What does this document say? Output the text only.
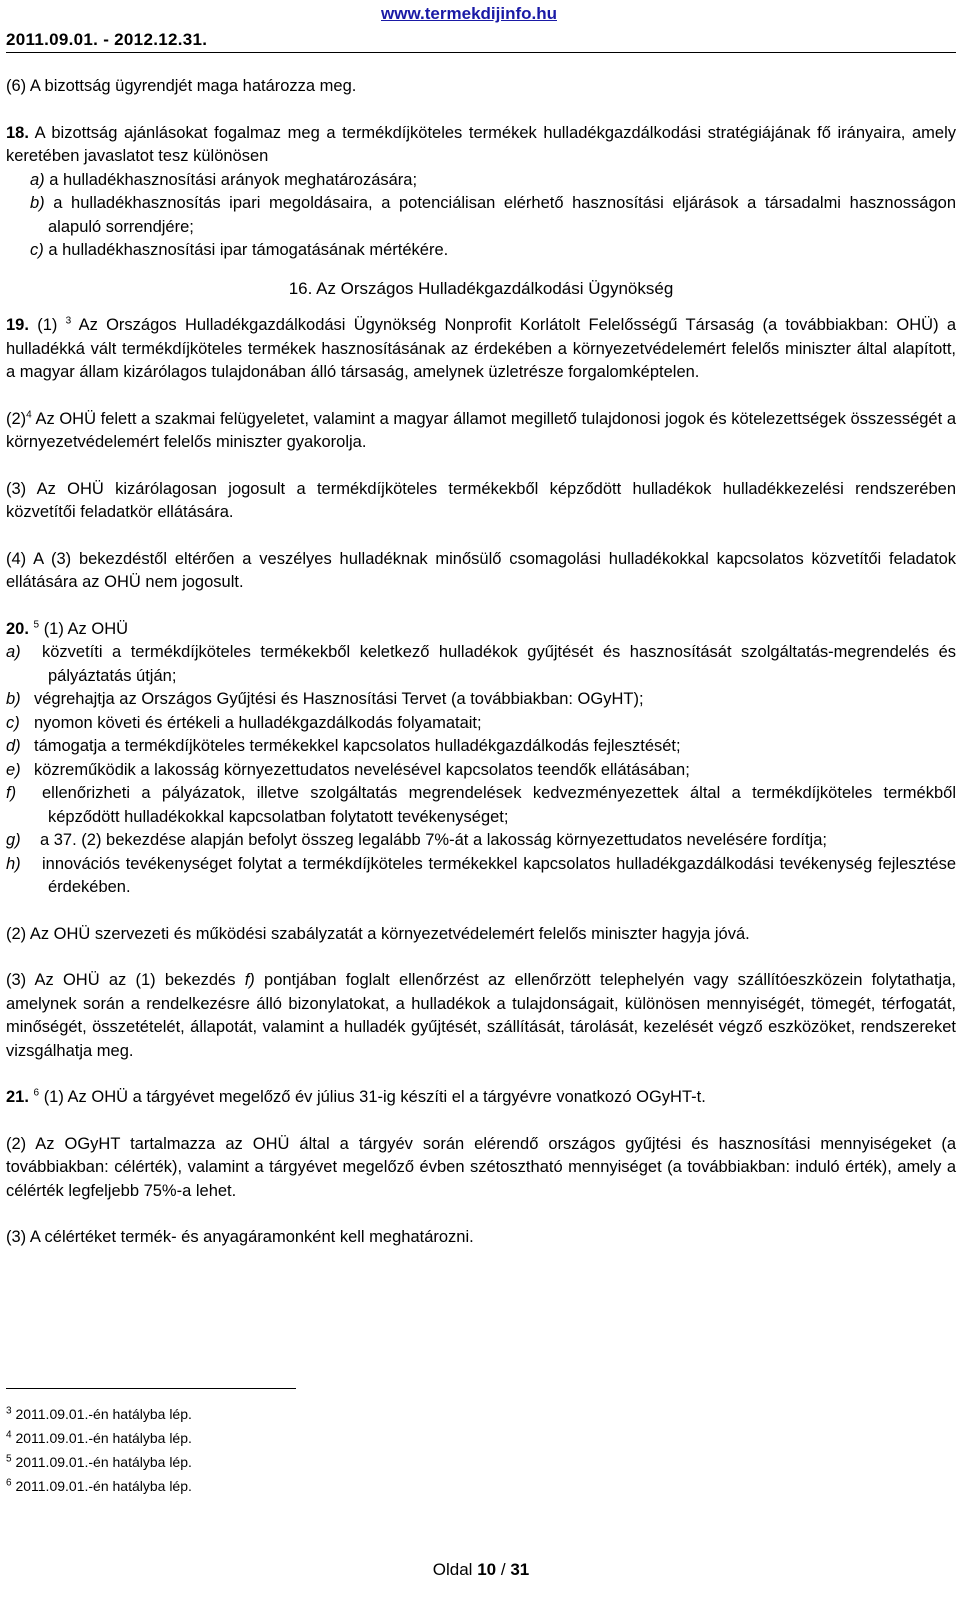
2011.09.01. - 2012.12.31.
www.termekdijinfo.hu

(6) A bizottság ügyrendjét maga határozza meg.

18. A bizottság ajánlásokat fogalmaz meg a termékdíjköteles termékek hulladékgazdálkodási stratégiájának fő irányaira, amely keretében javaslatot tesz különösen

a) a hulladékhasznosítási arányok meghatározására;

b) a hulladékhasznosítás ipari megoldásaira, a potenciálisan elérhető hasznosítási eljárások a társadalmi hasznosságon alapuló sorrendjére;

c) a hulladékhasznosítási ipar támogatásának mértékére.

16. Az Országos Hulladékgazdálkodási Ügynökség

19. (1) $^3$ Az Országos Hulladékgazdálkodási Ügynökség Nonprofit Korlátolt Felelősségű Társaság (a továbbiakban: OHÜ) a hulladékká vált termékdíjköteles termékek hasznosításának az érdekében a környezetvédelemért felelős miniszter által alapított, a magyar állam kizárólagos tulajdonában álló társaság, amelynek üzletrésze forgalomképtelen.

$(2)^4$ Az OHÜ felett a szakmai felügyeletet, valamint a magyar államot megillető tulajdonosi jogok és kötelezettségek összességét a környezetvédelemért felelős miniszter gyakorolja.

(3) Az OHÜ kizárólagosan jogosult a termékdíjköteles termékekből képződött hulladékok hulladékkezelési rendszerében közvetítői feladatkör ellátására.

(4) A (3) bekezdéstől eltérően a veszélyes hulladéknak minősülő csomagolási hulladékokkal kapcsolatos közvetítői feladatok ellátására az OHÜ nem jogosult.

20. $^5$ (1) Az OHÜ

a) közvetíti a termékdíjköteles termékekből keletkező hulladékok gyűjtését és hasznosítását szolgáltatás-megrendelés és pályáztatás útján;

b) végrehajtja az Országos Gyűjtési és Hasznosítási Tervet (a továbbiakban: OGyHT);

c) nyomon követi és értékeli a hulladékgazdálkodás folyamatait;

d) támogatja a termékdíjköteles termékekkel kapcsolatos hulladékgazdálkodás fejlesztését;

e) közreműködik a lakosság környezettudatos nevelésével kapcsolatos teendők ellátásában;

f) ellenőrizheti a pályázatok, illetve szolgáltatás megrendelések kedvezményezettek által a termékdíjköteles termékből képződött hulladékokkal kapcsolatban folytatott tevékenységet;

g) a 37. (2) bekezdése alapján befolyt összeg legalább 7%-át a lakosság környezettudatos nevelésére fordítja;

h) innovációs tevékenységet folytat a termékdíjköteles termékekkel kapcsolatos hulladékgazdálkodási tevékenység fejlesztése érdekében.

(2) Az OHÜ szervezeti és működési szabályzatát a környezetvédelemért felelős miniszter hagyja jóvá.

(3) Az OHÜ az (1) bekezdés f) pontjában foglalt ellenőrzést az ellenőrzött telephelyén vagy szállítóeszközein folytathatja, amelynek során a rendelkezésre álló bizonylatokat, a hulladékok a tulajdonságait, különösen mennyiségét, tömegét, térfogatát, minőségét, összetételét, állapotát, valamint a hulladék gyűjtését, szállítását, tárolását, kezelését végző eszközöket, rendszereket vizsgálhatja meg.

21. $^6$ (1) Az OHÜ a tárgyévet megelőző év július 31-ig készíti el a tárgyévre vonatkozó OGyHT-t.

(2) Az OGyHT tartalmazza az OHÜ által a tárgyév során elérendő országos gyűjtési és hasznosítási mennyiségeket (a továbbiakban: célérték), valamint a tárgyévet megelőző évben szétosztható mennyiséget (a továbbiakban: induló érték), amely a célérték legfeljebb 75%-a lehet.

(3) A célértéket termék- és anyagáramonként kell meghatározni.

$^3$ 2011.09.01.-én hatályba lép.
$^4$ 2011.09.01.-én hatályba lép.
$^5$ 2011.09.01.-én hatályba lép.
$^6$ 2011.09.01.-én hatályba lép.
Oldal 10 / 31
